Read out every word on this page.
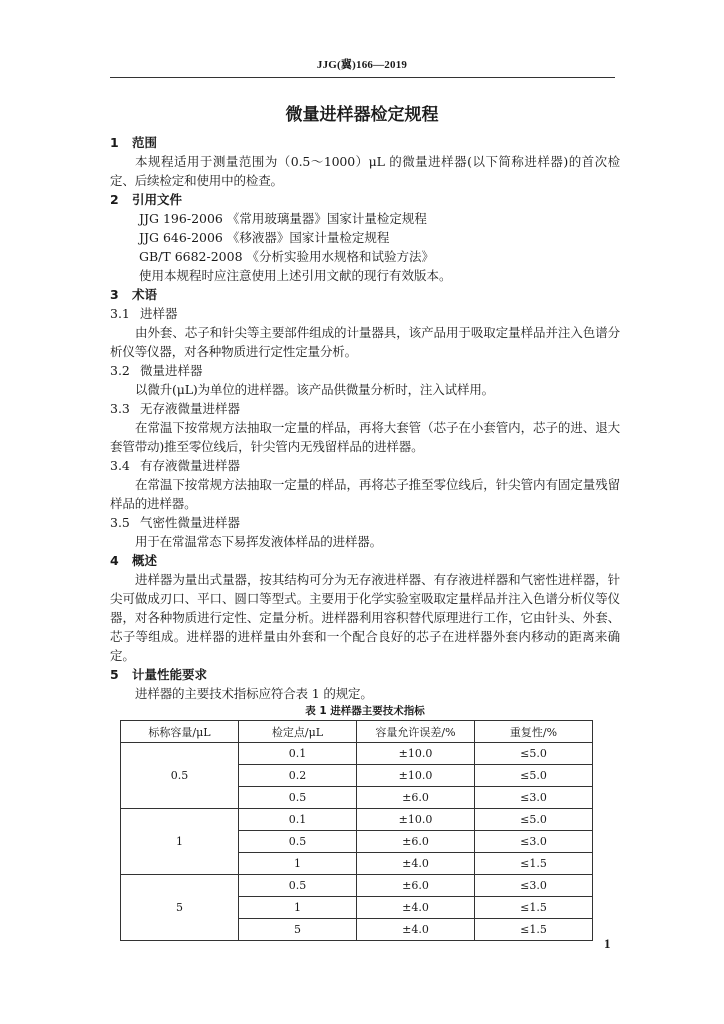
JJG(冀)166—2019
微量进样器检定规程
1 范围
本规程适用于测量范围为（0.5～1000）μL 的微量进样器(以下简称进样器)的首次检定、后续检定和使用中的检查。
2 引用文件
JJG 196-2006 《常用玻璃量器》国家计量检定规程
JJG 646-2006 《移液器》国家计量检定规程
GB/T 6682-2008 《分析实验用水规格和试验方法》
使用本规程时应注意使用上述引用文献的现行有效版本。
3 术语
3.1 进样器
由外套、芯子和针尖等主要部件组成的计量器具，该产品用于吸取定量样品并注入色谱分析仪等仪器，对各种物质进行定性定量分析。
3.2 微量进样器
以微升(μL)为单位的进样器。该产品供微量分析时，注入试样用。
3.3 无存液微量进样器
在常温下按常规方法抽取一定量的样品，再将大套管（芯子在小套管内，芯子的进、退大套管带动)推至零位线后，针尖管内无残留样品的进样器。
3.4 有存液微量进样器
在常温下按常规方法抽取一定量的样品，再将芯子推至零位线后，针尖管内有固定量残留样品的进样器。
3.5 气密性微量进样器
用于在常温常态下易挥发液体样品的进样器。
4 概述
进样器为量出式量器，按其结构可分为无存液进样器、有存液进样器和气密性进样器，针尖可做成刃口、平口、圆口等型式。主要用于化学实验室吸取定量样品并注入色谱分析仪等仪器，对各种物质进行定性、定量分析。进样器利用容积替代原理进行工作，它由针头、外套、芯子等组成。进样器的进样量由外套和一个配合良好的芯子在进样器外套内移动的距离来确定。
5 计量性能要求
进样器的主要技术指标应符合表 1 的规定。
表 1 进样器主要技术指标
标称容量/μL	检定点/μL	容量允许误差/%	重复性/%
0.5	0.1	±10.0	≤5.0
	0.2	±10.0	≤5.0
	0.5	±6.0	≤3.0
1	0.1	±10.0	≤5.0
	0.5	±6.0	≤3.0
	1	±4.0	≤1.5
5	0.5	±6.0	≤3.0
	1	±4.0	≤1.5
	5	±4.0	≤1.5
1
